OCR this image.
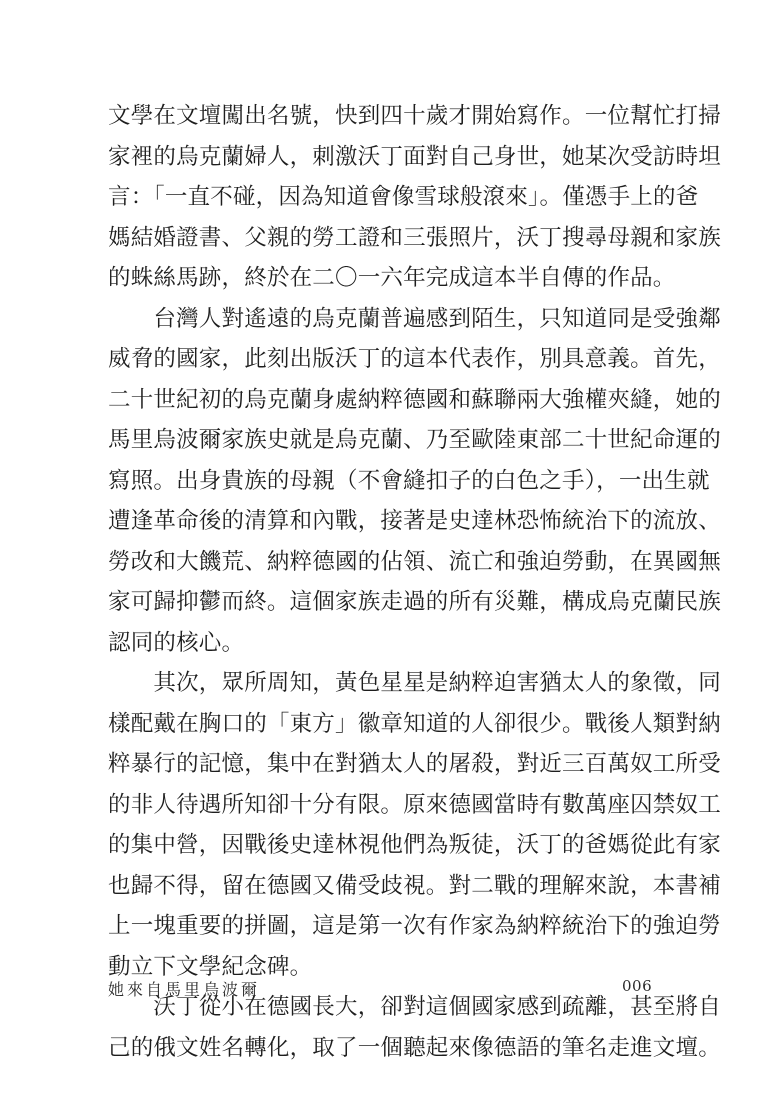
文學在文壇闖出名號，快到四十歲才開始寫作。一位幫忙打掃
家裡的烏克蘭婦人，刺激沃丁面對自己身世，她某次受訪時坦
言：「一直不碰，因為知道會像雪球般滾來」。僅憑手上的爸
媽結婚證書、父親的勞工證和三張照片，沃丁搜尋母親和家族
的蛛絲馬跡，終於在二〇一六年完成這本半自傳的作品。
　　台灣人對遙遠的烏克蘭普遍感到陌生，只知道同是受強鄰
威脅的國家，此刻出版沃丁的這本代表作，別具意義。首先，
二十世紀初的烏克蘭身處納粹德國和蘇聯兩大強權夾縫，她的
馬里烏波爾家族史就是烏克蘭、乃至歐陸東部二十世紀命運的
寫照。出身貴族的母親（不會縫扣子的白色之手），一出生就
遭逢革命後的清算和內戰，接著是史達林恐怖統治下的流放、
勞改和大饑荒、納粹德國的佔領、流亡和強迫勞動，在異國無
家可歸抑鬱而終。這個家族走過的所有災難，構成烏克蘭民族
認同的核心。
　　其次，眾所周知，黃色星星是納粹迫害猶太人的象徵，同
樣配戴在胸口的「東方」徽章知道的人卻很少。戰後人類對納
粹暴行的記憶，集中在對猶太人的屠殺，對近三百萬奴工所受
的非人待遇所知卻十分有限。原來德國當時有數萬座囚禁奴工
的集中營，因戰後史達林視他們為叛徒，沃丁的爸媽從此有家
也歸不得，留在德國又備受歧視。對二戰的理解來說，本書補
上一塊重要的拼圖，這是第一次有作家為納粹統治下的強迫勞
動立下文學紀念碑。
　　沃丁從小在德國長大，卻對這個國家感到疏離，甚至將自
己的俄文姓名轉化，取了一個聽起來像德語的筆名走進文壇。
她來自馬里烏波爾	006
